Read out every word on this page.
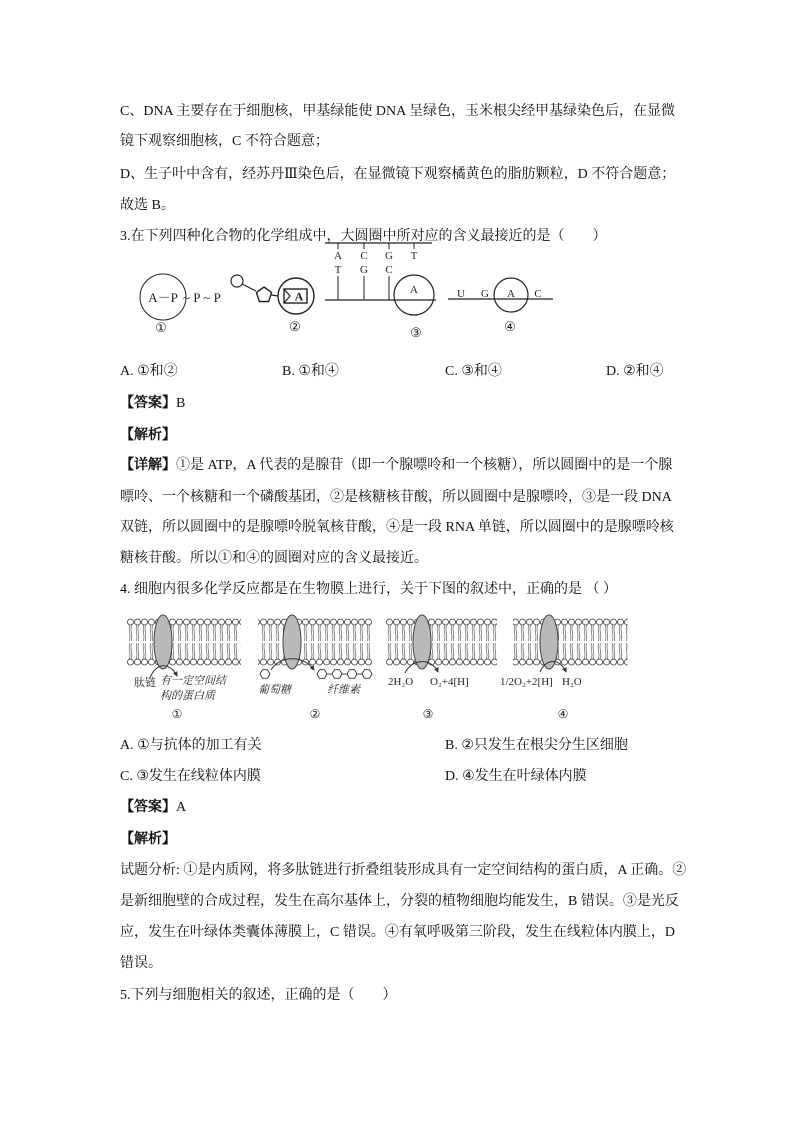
C、DNA 主要存在于细胞核，甲基绿能使 DNA 呈绿色，玉米根尖经甲基绿染色后，在显微
镜下观察细胞核，C 不符合题意；
D、生子叶中含有，经苏丹Ⅲ染色后，在显微镜下观察橘黄色的脂肪颗粒，D 不符合题意；
故选 B。
3.在下列四种化合物的化学组成中，大圆圈中所对应的含义最接近的是（　　）
A－P ~ P ~ P
①
A
②
A C G T
T G C
A
③
U G A C
④
A. ①和②	B. ①和④	C. ③和④	D. ②和④
【答案】B
【解析】
【详解】①是 ATP，A 代表的是腺苷（即一个腺嘌呤和一个核糖），所以圆圈中的是一个腺
嘌呤、一个核糖和一个磷酸基团，②是核糖核苷酸，所以圆圈中是腺嘌呤，③是一段 DNA
双链，所以圆圈中的是腺嘌呤脱氧核苷酸，④是一段 RNA 单链，所以圆圈中的是腺嘌呤核
糖核苷酸。所以①和④的圆圈对应的含义最接近。
4. 细胞内很多化学反应都是在生物膜上进行，关于下图的叙述中，正确的是 （ ）
肽链 有一定空间结
构的蛋白质
①
葡萄糖	纤维素
②
2H₂O O₂+4[H]
③
1/2O₂+2[H] H₂O
④
A. ①与抗体的加工有关	B. ②只发生在根尖分生区细胞
C. ③发生在线粒体内膜	D. ④发生在叶绿体内膜
【答案】A
【解析】
试题分析: ①是内质网，将多肽链进行折叠组装形成具有一定空间结构的蛋白质，A 正确。②
是新细胞壁的合成过程，发生在高尔基体上，分裂的植物细胞均能发生，B 错误。③是光反
应，发生在叶绿体类囊体薄膜上，C 错误。④有氧呼吸第三阶段，发生在线粒体内膜上，D
错误。
5.下列与细胞相关的叙述，正确的是（　　）
